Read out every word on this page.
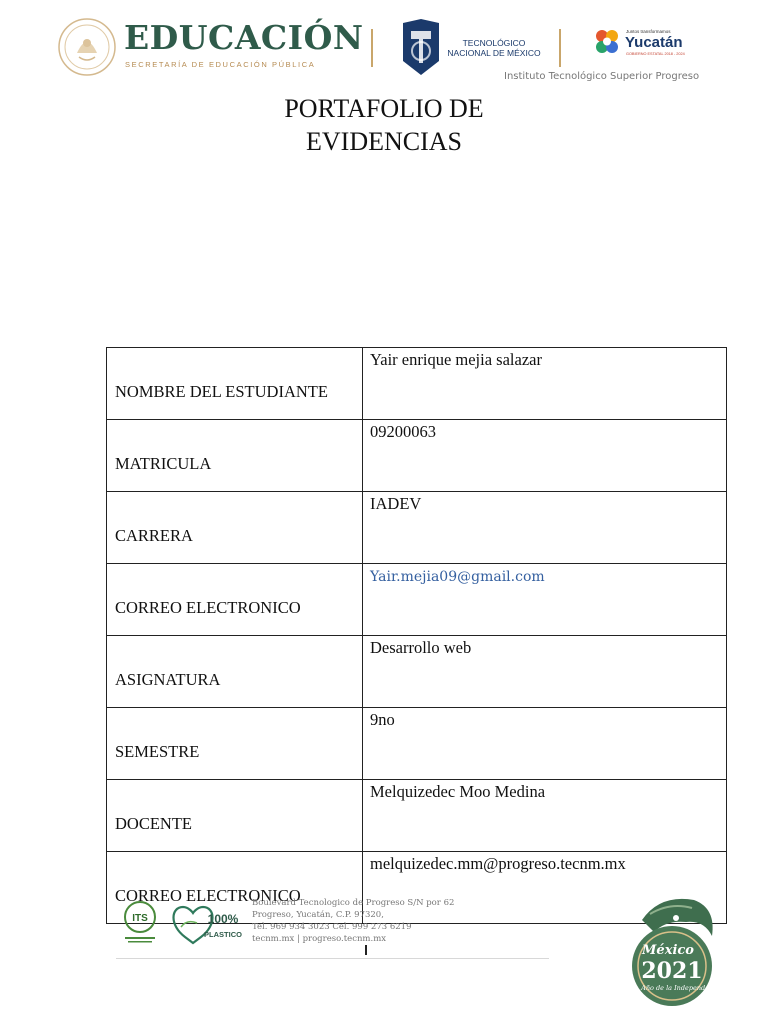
EDUCACIÓN
SECRETARÍA DE EDUCACIÓN PÚBLICA
TECNOLÓGICO
NACIONAL DE MÉXICO
Juntos transformamos
Yucatán
GOBIERNO ESTATAL 2018 - 2024
Instituto Tecnológico Superior Progreso
PORTAFOLIO DE
EVIDENCIAS
NOMBRE DEL ESTUDIANTE	Yair enrique mejia salazar
MATRICULA	09200063
CARRERA	IADEV
CORREO ELECTRONICO	Yair.mejia09@gmail.com
ASIGNATURA	Desarrollo web
SEMESTRE	9no
DOCENTE	Melquizedec Moo Medina
CORREO ELECTRONICO	melquizedec.mm@progreso.tecnm.mx
ITS	100%
PLASTICO
Boulevard Tecnologico de Progreso S/N por 62
Progreso, Yucatán, C.P. 97320,
Tel. 969 934 3023 Cel. 999 273 6219
tecnm.mx | progreso.tecnm.mx
México
2021
Año de la Independencia
